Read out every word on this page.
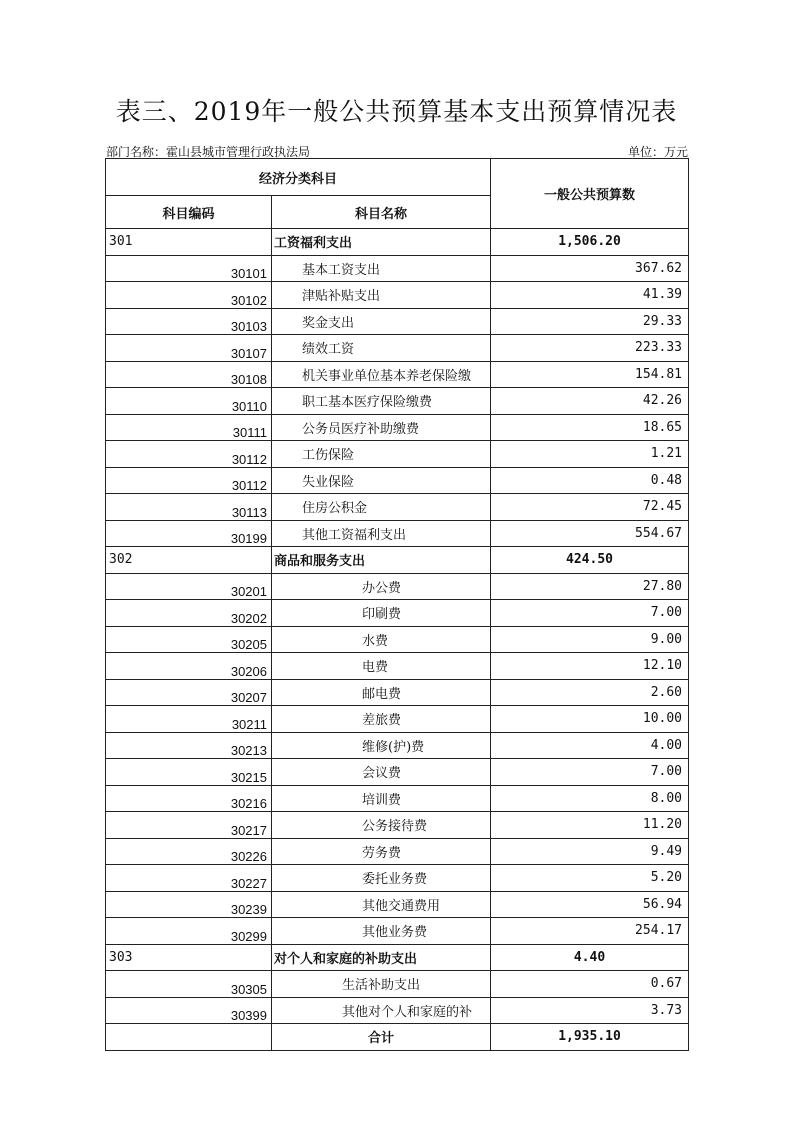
表三、2019年一般公共预算基本支出预算情况表
部门名称：霍山县城市管理行政执法局	单位：万元
经济分类科目		一般公共预算数
科目编码	科目名称	
301	工资福利支出	1,506.20
30101	基本工资支出	367.62
30102	津贴补贴支出	41.39
30103	奖金支出	29.33
30107	绩效工资	223.33
30108	机关事业单位基本养老保险缴	154.81
30110	职工基本医疗保险缴费	42.26
30111	公务员医疗补助缴费	18.65
30112	工伤保险	1.21
30112	失业保险	0.48
30113	住房公积金	72.45
30199	其他工资福利支出	554.67
302	商品和服务支出	424.50
30201	办公费	27.80
30202	印刷费	7.00
30205	水费	9.00
30206	电费	12.10
30207	邮电费	2.60
30211	差旅费	10.00
30213	维修(护)费	4.00
30215	会议费	7.00
30216	培训费	8.00
30217	公务接待费	11.20
30226	劳务费	9.49
30227	委托业务费	5.20
30239	其他交通费用	56.94
30299	其他业务费	254.17
303	对个人和家庭的补助支出	4.40
30305	生活补助支出	0.67
30399	其他对个人和家庭的补	3.73
	合计	1,935.10
